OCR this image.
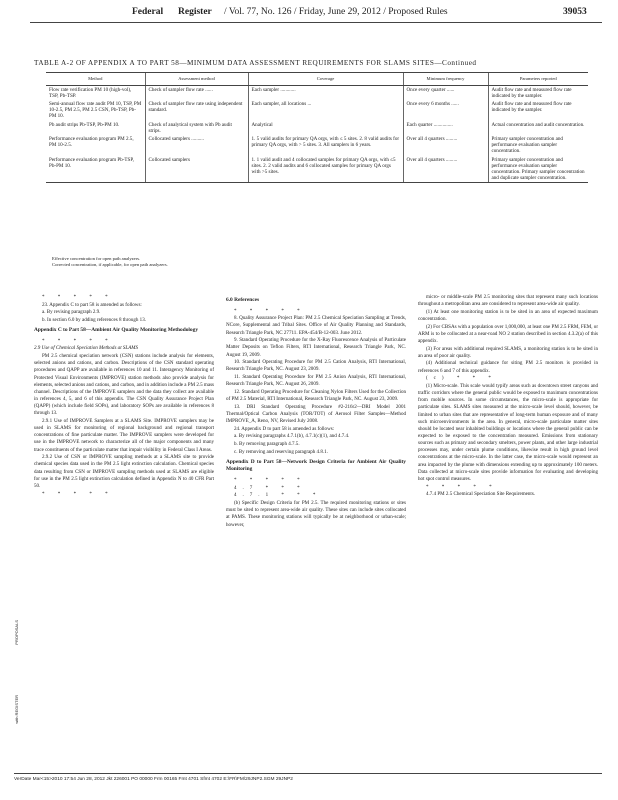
Federal Register / Vol. 77, No. 126 / Friday, June 29, 2012 / Proposed Rules	39053
TABLE A-2 OF APPENDIX A TO PART 58—MINIMUM DATA ASSESSMENT REQUIREMENTS FOR SLAMS SITES—Continued
Method	Assessment method	Coverage	Minimum frequency	Parameters reported
Flow rate verification PM 10 (high-vol), TSP, Pb-TSP.	Check of sampler flow rate ......	Each sampler ............	Once every quarter ......	Audit flow rate and measured flow rate indicated by the sampler.
Semi-annual flow rate audit PM 10, TSP, PM 10-2.5, PM 2.5, PM 2.5 CSN, Pb-TSP, Pb-PM 10.	Check of sampler flow rate using independent standard.	Each sampler, all locations ...	Once every 6 months ......	Audit flow rate and measured flow rate indicated by the sampler.
Pb audit strips Pb-TSP, Pb-PM 10.	Check of analytical system with Pb audit strips.	Analytical	Each quarter ...............	Actual concentration and audit concentration.
Performance evaluation program PM 2.5, PM 10-2.5.	Collocated samplers ..........	1. 5 valid audits for primary QA orgs, with ≤ 5 sites. 2. 8 valid audits for primary QA orgs, with > 5 sites. 3. All samplers in 6 years.	Over all 4 quarters .........	Primary sampler concentration and performance evaluation sampler concentration.
Performance evaluation program Pb-TSP, Pb-PM 10.	Collocated samplers	1. 1 valid audit and 4 collocated samples for primary QA orgs, with ≤5 sites. 2. 2 valid audits and 6 collocated samples for primary QA orgs with >5 sites.	Over all 4 quarters .........	Primary sampler concentration and performance evaluation sampler concentration. Primary sampler concentration and duplicate sampler concentration.
Effective concentration for open path analyzers.
Corrected concentration, if applicable, for open path analyzers.

* * * * *

23. Appendix C to part 58 is amended as follows:

a. By revising paragraph 2.9.

b. In section 6.0 by adding references 8 through 13.

Appendix C to Part 58—Ambient Air Quality Monitoring Methodology

* * * * *

2.9 Use of Chemical Speciation Methods at SLAMS

PM 2.5 chemical speciation network (CSN) stations include analysis for elements, selected anions and cations, and carbon. Descriptions of the CSN standard operating procedures and QAPP are available in references 10 and 11. Interagency Monitoring of Protected Visual Environments (IMPROVE) station methods also provide analysis for elements, selected anions and cations, and carbon, and in addition include a PM 2.5 mass channel. Descriptions of the IMPROVE samplers and the data they collect are available in references 4, 5, and 6 of this appendix. The CSN Quality Assurance Project Plan (QAPP) (which include field SOPs), and laboratory SOPs are available in references 8 through 13.

2.9.1 Use of IMPROVE Samplers at a SLAMS Site. IMPROVE samplers may be used in SLAMS for monitoring of regional background and regional transport concentrations of fine particulate matter. The IMPROVE samplers were developed for use in the IMPROVE network to characterize all of the major components and many trace constituents of the particulate matter that impair visibility in Federal Class I Areas.

2.9.2 Use of CSN or IMPROVE sampling methods at a SLAMS site to provide chemical species data used in the PM 2.5 light extinction calculation. Chemical species data resulting from CSN or IMPROVE sampling methods used at SLAMS are eligible for use in the PM 2.5 light extinction calculation defined in Appendix N to 40 CFR Part 50.

* * * * *

6.0 References

* * * * *

8. Quality Assurance Project Plan: PM 2.5 Chemical Speciation Sampling at Trends, NCore, Supplemental and Tribal Sites. Office of Air Quality Planning and Standards, Research Triangle Park, NC 27711. EPA-454/B-12-003. June 2012.

9. Standard Operating Procedure for the X-Ray Fluorescence Analysis of Particulate Matter Deposits on Teflon Filters, RTI International, Research Triangle Park, NC. August 19, 2009.

10. Standard Operating Procedure for PM 2.5 Cation Analysis, RTI International, Research Triangle Park, NC. August 23, 2009.

11. Standard Operating Procedure for PM 2.5 Anion Analysis, RTI International, Research Triangle Park, NC. August 26, 2009.

12. Standard Operating Procedure for Cleaning Nylon Filters Used for the Collection of PM 2.5 Material, RTI International, Research Triangle Park, NC. August 23, 2009.

13. DRI Standard Operating Procedure #2-216r2—DRI Model 2001 Thermal/Optical Carbon Analysis (TOR/TOT) of Aerosol Filter Samples—Method IMPROVE_A, Reno, NV, Revised July 2008.

24. Appendix D to part 58 is amended as follows:

a. By revising paragraphs 4.7.1(b), 4.7.1(c)(1), and 4.7.4.

b. By removing paragraph 4.7.5.

c. By removing and reserving paragraph 4.8.1.

Appendix D to Part 58—Network Design Criteria for Ambient Air Quality Monitoring

* * * * *

4.7 * * *

4.7.1 * * *

(b) Specific Design Criteria for PM 2.5. The required monitoring stations or sites must be sited to represent area-wide air quality. These sites can include sites collocated at PAMS. These monitoring stations will typically be at neighborhood or urban-scale; however,

micro- or middle-scale PM 2.5 monitoring sites that represent many such locations throughout a metropolitan area are considered to represent area-wide air quality.

(1) At least one monitoring station is to be sited in an area of expected maximum concentration.

(2) For CBSAs with a population over 1,000,000, at least one PM 2.5 FRM, FEM, or ARM is to be collocated at a near-road NO 2 station described in section 4.3.2(a) of this appendix.

(3) For areas with additional required SLAMS, a monitoring station is to be sited in an area of poor air quality.

(4) Additional technical guidance for siting PM 2.5 monitors is provided in references 6 and 7 of this appendix.

(c) * * *

(1) Micro-scale. This scale would typify areas such as downtown street canyons and traffic corridors where the general public would be exposed to maximum concentrations from mobile sources. In some circumstances, the micro-scale is appropriate for particulate sites. SLAMS sites measured at the micro-scale level should, however, be limited to urban sites that are representative of long-term human exposure and of many such microenvironments in the area. In general, micro-scale particulate matter sites should be located near inhabited buildings or locations where the general public can be expected to be exposed to the concentration measured. Emissions from stationary sources such as primary and secondary smelters, power plants, and other large industrial processes may, under certain plume conditions, likewise result in high ground level concentrations at the micro-scale. In the latter case, the micro-scale would represent an area impacted by the plume with dimensions extending up to approximately 100 meters. Data collected at micro-scale sites provide information for evaluating and developing hot spot control measures.

* * * * *

4.7.4 PM 2.5 Chemical Speciation Site Requirements.

PROPOSALS
with REGISTER
VerDate Mar<15>2010 17:54 Jun 28, 2012 Jkt 226001 PO 00000 Frm 00165 Fmt 4701 Sfmt 4702 E:\FR\FM\29JNP2.SGM 29JNP2
